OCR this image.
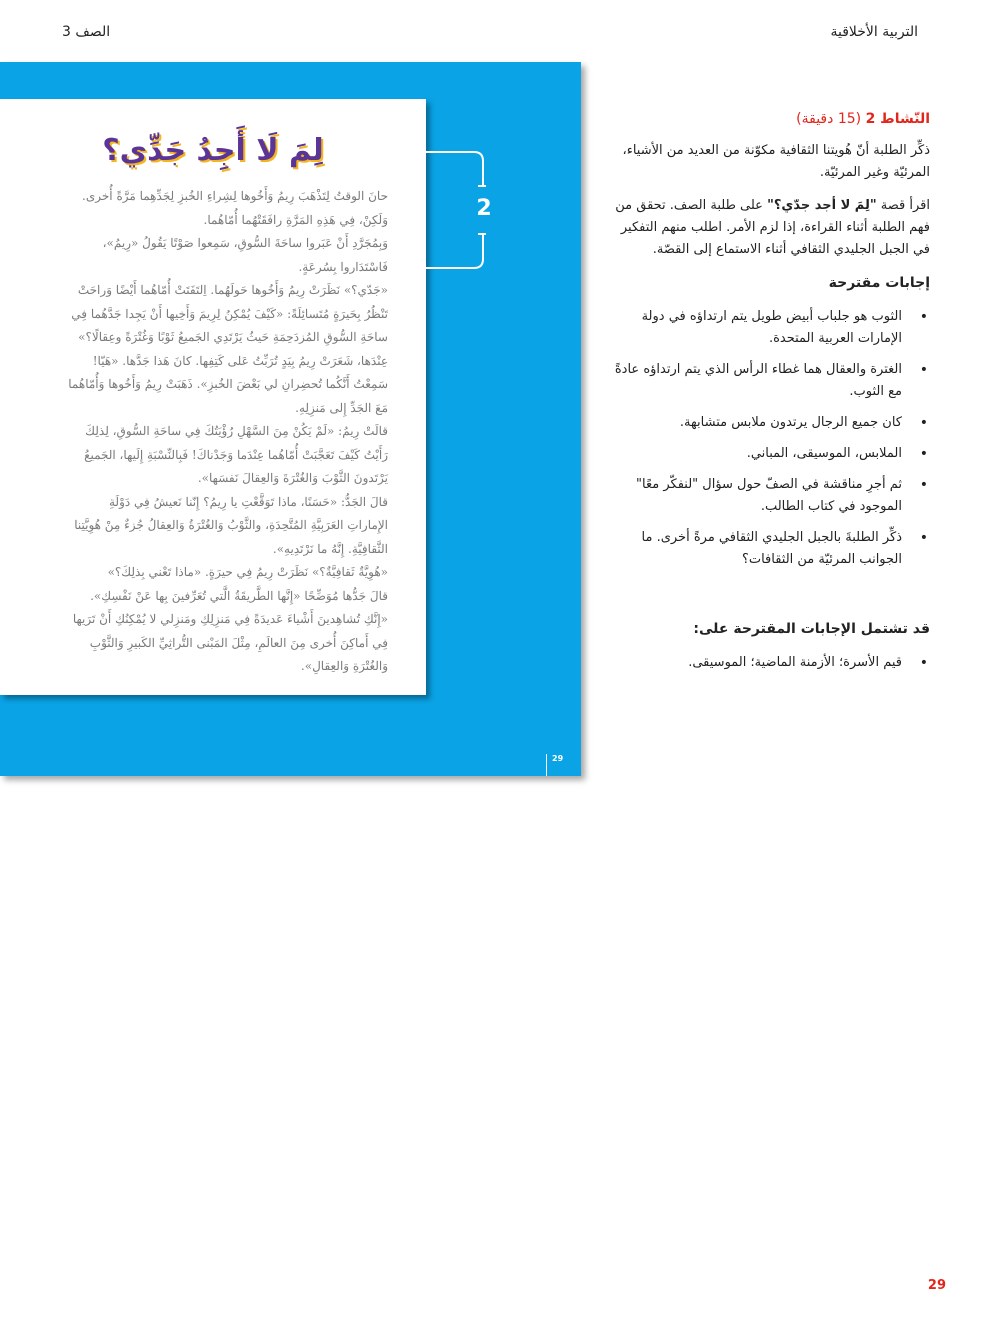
التربية الأخلاقية
الصف 3
لِمَ لَا أَجِدُ جَدِّي؟

حانَ الوقتُ لِتَذْهَبَ رِيمُ وَأَخُوها لِشِراءِ الخُبزِ لِجَدِّهِما مَرَّةً أُخرى. وَلَكِنْ، فِي هَذِهِ المَرَّةِ رافَقَتْهُما أُمّاهُما.

وَبِمُجَرَّدِ أَنْ عَبَروا ساحَةَ السُّوقِ، سَمِعوا صَوْتًا يَقُولُ «رِيمُ»، فَاسْتَدَاروا بِسُرعَةٍ.

«جَدّي؟» نَظَرَتْ رِيمُ وَأَخُوها حَولَهُما. اِلتَفَتَتْ أُمّاهُما أَيْضًا وَراحَتْ تَنْظُرُ بِحَيرَةٍ مُتَسائِلَةً: «كَيْفَ يُمْكِنُ لِرِيمَ وَأَخِيها أَنْ يَجِدا جَدَّهُما فِي ساحَةِ السُّوقِ المُزدَحِمَةِ حَيثُ يَرْتَدِي الجَميعُ ثَوْبًا وَغُتْرَةً وعِقالًا؟»

عِنْدَها، شَعَرَتْ رِيمُ بِيَدٍ تُرَبِّتُ عَلى كَتِفِها. كانَ هَذا جَدَّها. «هَيّا! سَمِعْتُ أَنَّكُما تُحضِرانِ لي بَعْضَ الخُبزِ». ذَهَبَتْ رِيمُ وَأَخُوها وَأُمّاهُما مَعَ الجَدِّ إِلى مَنزِلِهِ.

قالَتْ رِيمُ: «لَمْ يَكُنْ مِنَ السَّهْلِ رُؤْيَتُكَ فِي ساحَةِ السُّوقِ، لِذلِكَ رَأَيْتُ كَيْفَ تَعَجَّبَتْ أُمّاهُما عِنْدَما وَجَدْناكَ! فَبِالنِّسْبَةِ إِلَيها، الجَميعُ يَرْتَدونَ الثَّوْبَ وَالغُتْرَةَ وَالعِقالَ نَفسَها».

قالَ الجَدُّ: «حَسَنًا، ماذا تَوَقَّعْتِ يا رِيمُ؟ إِنّنا نَعيشُ فِي دَوْلَةِ الإِماراتِ العَرَبِيَّةِ المُتَّحِدَةِ، والثَّوْبُ وَالغُتْرَةُ وَالعِقالُ جُزءٌ مِنْ هُوِيَّتِنا الثَّقافِيَّةِ. إِنَّهُ ما نَرْتَدِيهِ».

«هُوِيَّةٌ ثَقافِيَّةٌ؟» نَظَرَتْ رِيمُ فِي حيرَةٍ. «ماذا تَعْني بِذلِكَ؟»

قالَ جَدُّها مُوَضِّحًا «إِنَّها الطَّريقَةُ الَّتي تُعَرِّفينَ بِها عَنْ نَفْسِكِ». «إِنَّكِ تُشاهِدينَ أَشْياءَ عَديدَةً فِي مَنزِلِكِ ومَنزِلي لا يُمْكِنُكِ أَنْ تَرَيها فِي أَماكِنَ أُخرى مِنَ العالَمِ، مِثْلَ المَبْنى التُّراثِيِّ الكَبيرِ وَالثَّوْبِ وَالغُتْرَةِ وَالعِقالِ».

2
29
النّشاط 2 (15 دقيقة)

ذكِّر الطلبة أنّ هُويتنا الثقافية مكوّنة من العديد من الأشياء، المرئيّة وغير المرئيّة.

اقرأ قصة "لِمَ لا أجد جدّي؟" على طلبة الصف. تحقق من فهم الطلبة أثناء القراءة، إذا لزم الأمر. اطلب منهم التفكير في الجبل الجليدي الثقافي أثناء الاستماع إلى القصّة.

إجابات مقترحة
• الثوب هو جلباب أبيض طويل يتم ارتداؤه في دولة الإمارات العربية المتحدة.
• الغترة والعقال هما غطاء الرأس الذي يتم ارتداؤه عادةً مع الثوب.
• كان جميع الرجال يرتدون ملابس متشابهة.
• الملابس، الموسيقى، المباني.
• ثم أجرِ مناقشة في الصفّ حول سؤال "لنفكّر معًا" الموجود في كتاب الطالب.
• ذكِّر الطلبةَ بالجبل الجليدي الثقافي مرةً أخرى. ما الجوانب المرئيّة من الثقافات؟
قد تشتمل الإجابات المقترحة على:
• قيم الأسرة؛ الأزمنة الماضية؛ الموسيقى.
29
